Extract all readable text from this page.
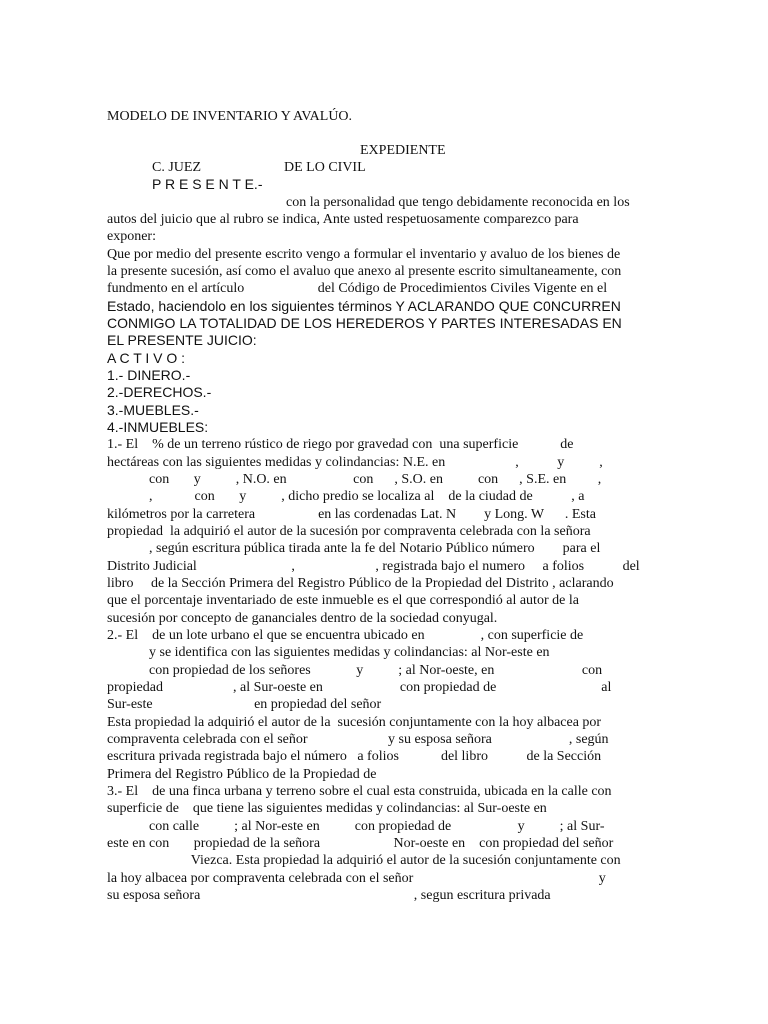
MODELO DE INVENTARIO Y AVALÚO.
EXPEDIENTE
C. JUEZ	DE LO CIVIL
P R E S E N T E.-
con la personalidad que tengo debidamente reconocida en los
autos del juicio que al rubro se indica, Ante usted respetuosamente comparezco para
exponer:
Que por medio del presente escrito vengo a formular el inventario y avaluo de los bienes de
la presente sucesión, así como el avaluo que anexo al presente escrito simultaneamente, con
fundmento en el artículo                     del Código de Procedimientos Civiles Vigente en el
Estado, haciendolo en los siguientes términos Y ACLARANDO QUE C0NCURREN
CONMIGO LA TOTALIDAD DE LOS HEREDEROS Y PARTES INTERESADAS EN
EL PRESENTE JUICIO:
A C T I V O :
1.- DINERO.-
2.-DERECHOS.-
3.-MUEBLES.-
4.-INMUEBLES:
1.- El    % de un terreno rústico de riego por gravedad con  una superficie            de
hectáreas con las siguientes medidas y colindancias: N.E. en                    ,           y          ,
con       y          , N.O. en                   con      , S.O. en          con      , S.E. en         ,
,            con       y          , dicho predio se localiza al    de la ciudad de           , a
kilómetros por la carretera                  en las cordenadas Lat. N        y Long. W      . Esta
propiedad  la adquirió el autor de la sucesión por compraventa celebrada con la señora
, según escritura pública tirada ante la fe del Notario Público número        para el
Distrito Judicial                           ,                       , registrada bajo el numero     a folios           del
libro     de la Sección Primera del Registro Público de la Propiedad del Distrito , aclarando
que el porcentaje inventariado de este inmueble es el que correspondió al autor de la
sucesión por concepto de gananciales dentro de la sociedad conyugal.
2.- El    de un lote urbano el que se encuentra ubicado en                , con superficie de
y se identifica con las siguientes medidas y colindancias: al Nor-este en
con propiedad de los señores             y          ; al Nor-oeste, en                         con
propiedad                    , al Sur-oeste en                      con propiedad de                              al
Sur-este                             en propiedad del señor
Esta propiedad la adquirió el autor de la  sucesión conjuntamente con la hoy albacea por
compraventa celebrada con el señor                       y su esposa señora                      , según
escritura privada registrada bajo el número   a folios            del libro           de la Sección
Primera del Registro Público de la Propiedad de
3.- El    de una finca urbana y terreno sobre el cual esta construida, ubicada en la calle con
superficie de    que tiene las siguientes medidas y colindancias: al Sur-oeste en
con calle          ; al Nor-este en          con propiedad de                   y          ; al Sur-
este en con       propiedad de la señora                     Nor-oeste en    con propiedad del señor
Viezca. Esta propiedad la adquirió el autor de la sucesión conjuntamente con
la hoy albacea por compraventa celebrada con el señor                                                     y
su esposa señora                                                             , segun escritura privada
